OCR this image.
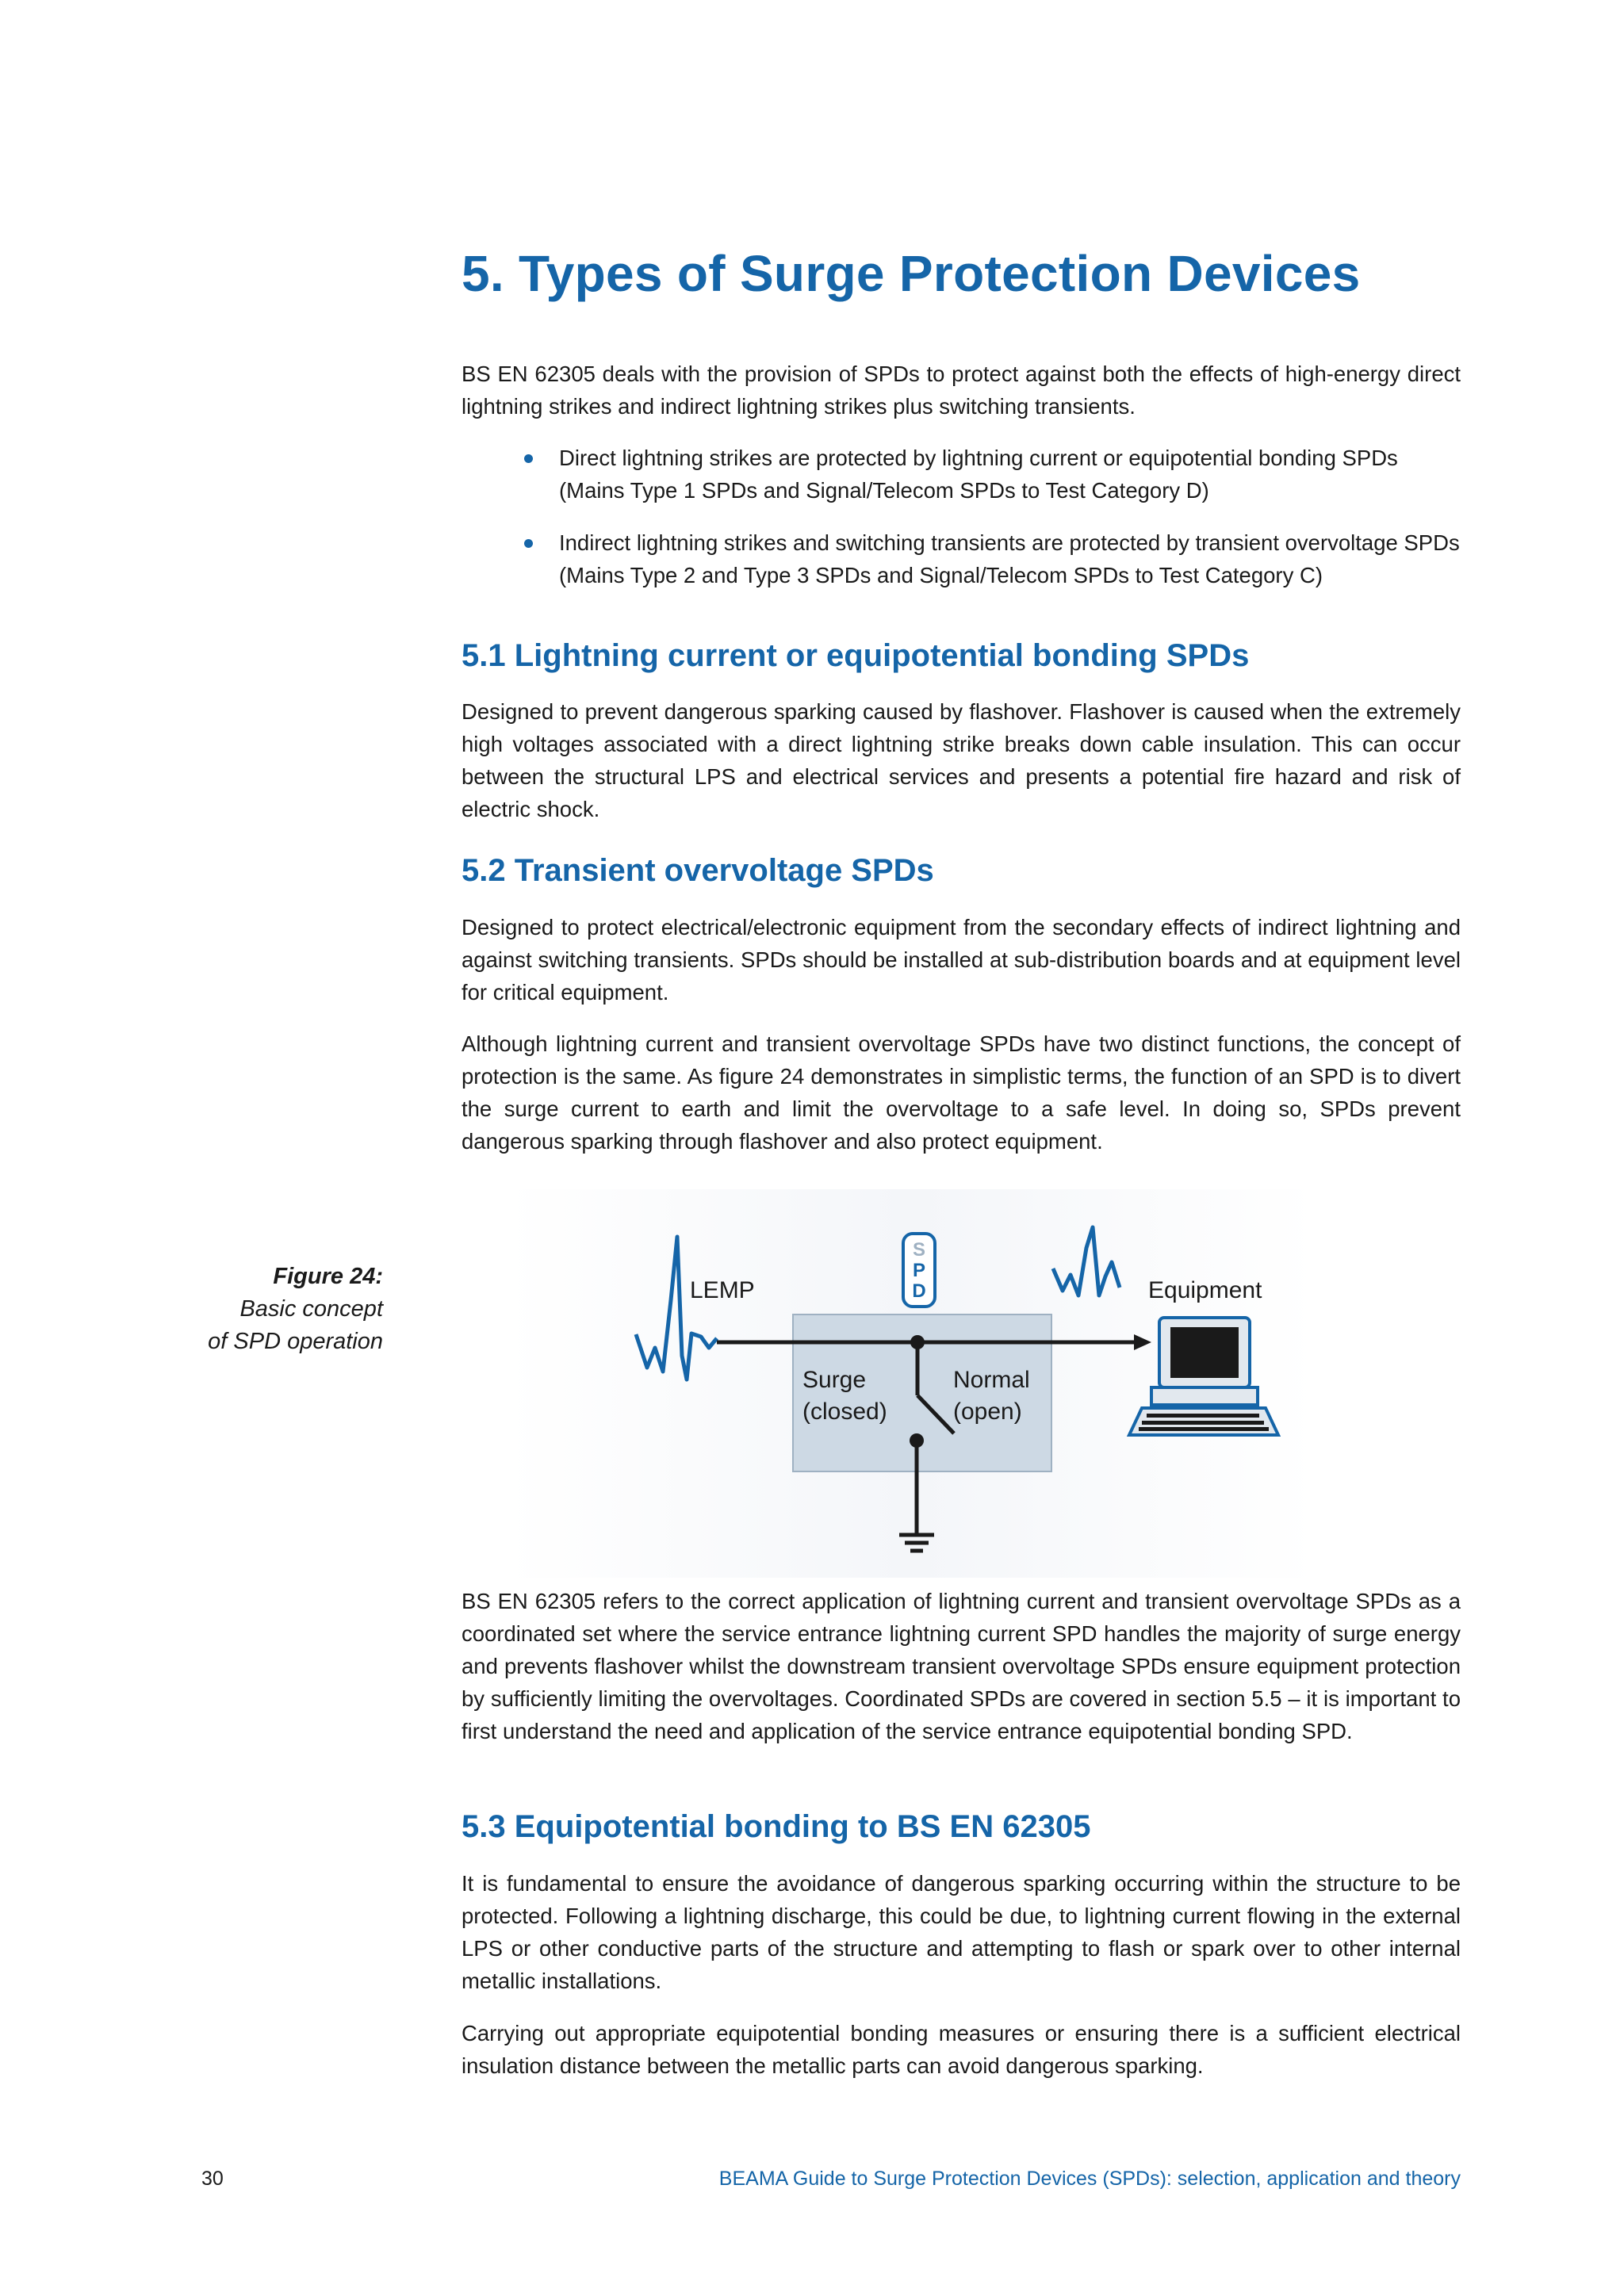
5. Types of Surge Protection Devices

BS EN 62305 deals with the provision of SPDs to protect against both the effects of high-energy direct lightning strikes and indirect lightning strikes plus switching transients.

Direct lightning strikes are protected by lightning current or equipotential bonding SPDs (Mains Type 1 SPDs and Signal/Telecom SPDs to Test Category D)
Indirect lightning strikes and switching transients are protected by transient overvoltage SPDs (Mains Type 2 and Type 3 SPDs and Signal/Telecom SPDs to Test Category C)
5.1 Lightning current or equipotential bonding SPDs

Designed to prevent dangerous sparking caused by flashover. Flashover is caused when the extremely high voltages associated with a direct lightning strike breaks down cable insulation. This can occur between the structural LPS and electrical services and presents a potential fire hazard and risk of electric shock.

5.2 Transient overvoltage SPDs

Designed to protect electrical/electronic equipment from the secondary effects of indirect lightning and against switching transients. SPDs should be installed at sub-distribution boards and at equipment level for critical equipment.

Although lightning current and transient overvoltage SPDs have two distinct functions, the concept of protection is the same. As figure 24 demonstrates in simplistic terms, the function of an SPD is to divert the surge current to earth and limit the overvoltage to a safe level. In doing so, SPDs prevent dangerous sparking through flashover and also protect equipment.

Figure 24:
Basic concept
of SPD operation
LEMP
S
P
D
Surge
(closed)
Normal
(open)
Equipment

BS EN 62305 refers to the correct application of lightning current and transient overvoltage SPDs as a coordinated set where the service entrance lightning current SPD handles the majority of surge energy and prevents flashover whilst the downstream transient overvoltage SPDs ensure equipment protection by sufficiently limiting the overvoltages. Coordinated SPDs are covered in section 5.5 – it is important to first understand the need and application of the service entrance equipotential bonding SPD.

5.3 Equipotential bonding to BS EN 62305

It is fundamental to ensure the avoidance of dangerous sparking occurring within the structure to be protected. Following a lightning discharge, this could be due, to lightning current flowing in the external LPS or other conductive parts of the structure and attempting to flash or spark over to other internal metallic installations.

Carrying out appropriate equipotential bonding measures or ensuring there is a sufficient electrical insulation distance between the metallic parts can avoid dangerous sparking.

30	BEAMA Guide to Surge Protection Devices (SPDs): selection, application and theory
